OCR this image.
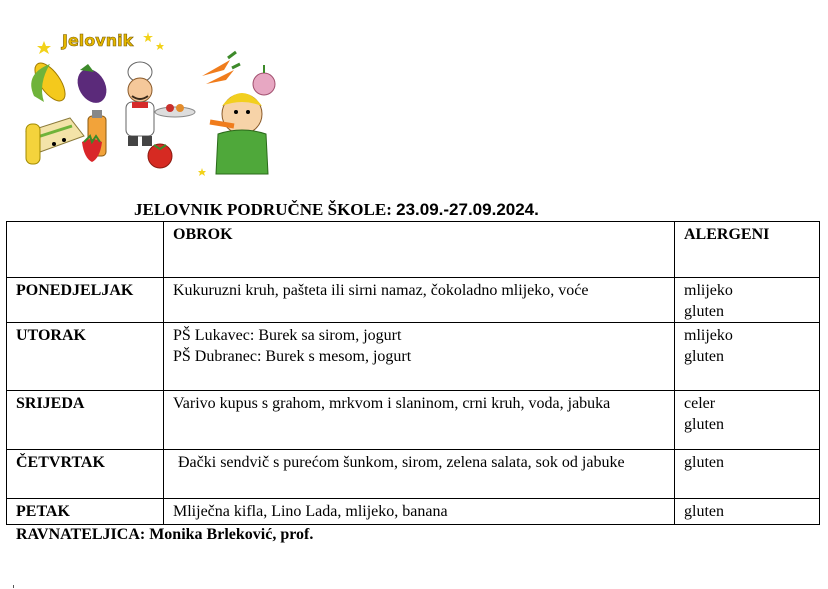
Jelovnik
JELOVNIK PODRUČNE ŠKOLE: 23.09.-27.09.2024.
	OBROK	ALERGENI
PONEDJELJAK	Kukuruzni kruh, pašteta ili sirni namaz, čokoladno mlijeko, voće	mlijeko
gluten

UTORAK	PŠ Lukavec: Burek sa sirom, jogurt
PŠ Dubranec: Burek s mesom, jogurt	mlijeko
gluten

SRIJEDA	Varivo kupus s grahom, mrkvom i slaninom, crni kruh, voda, jabuka	celer
gluten

ČETVRTAK	Đački sendvič s purećom šunkom, sirom, zelena salata, sok od jabuke	gluten

PETAK	Mliječna kifla, Lino Lada, mlijeko, banana	gluten
RAVNATELJICA: Monika Brleković, prof.
